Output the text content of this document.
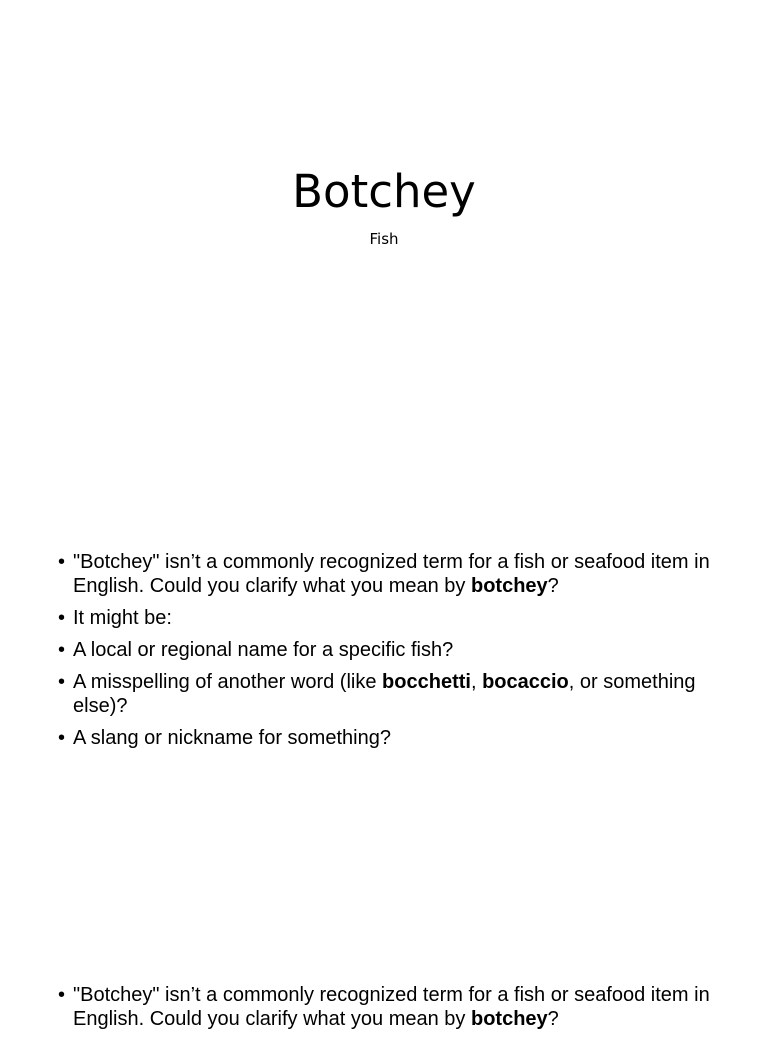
Botchey
Fish
• "Botchey" isn’t a commonly recognized term for a fish or seafood item in English. Could you clarify what you mean by botchey?
• It might be:
• A local or regional name for a specific fish?
• A misspelling of another word (like bocchetti, bocaccio, or something else)?
• A slang or nickname for something?
• "Botchey" isn’t a commonly recognized term for a fish or seafood item in English. Could you clarify what you mean by botchey?
